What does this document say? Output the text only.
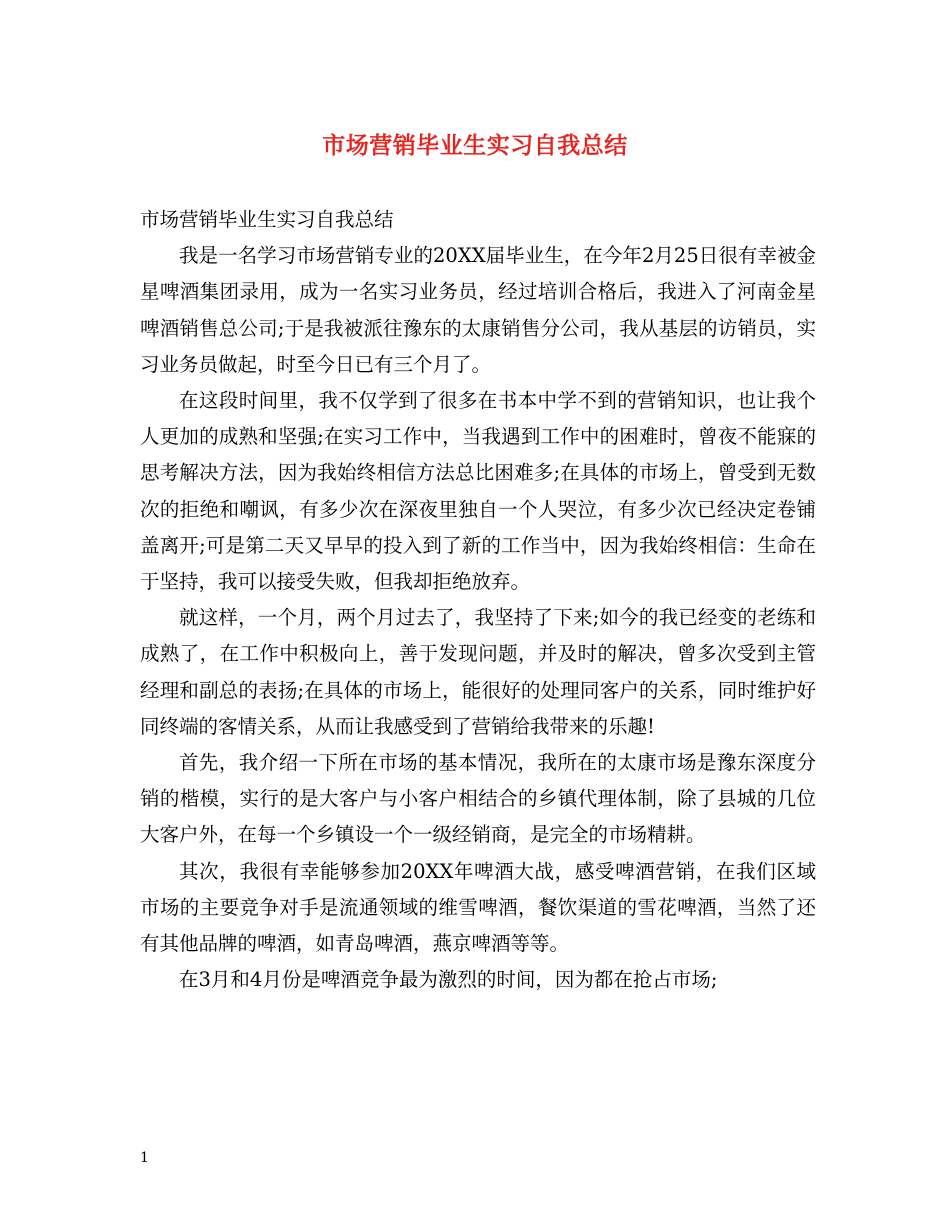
市场营销毕业生实习自我总结

市场营销毕业生实习自我总结

我是一名学习市场营销专业的20XX届毕业生，在今年2月25日很有幸被金星啤酒集团录用，成为一名实习业务员，经过培训合格后，我进入了河南金星啤酒销售总公司;于是我被派往豫东的太康销售分公司，我从基层的访销员，实习业务员做起，时至今日已有三个月了。

在这段时间里，我不仅学到了很多在书本中学不到的营销知识，也让我个人更加的成熟和坚强;在实习工作中，当我遇到工作中的困难时，曾夜不能寐的思考解决方法，因为我始终相信方法总比困难多;在具体的市场上，曾受到无数次的拒绝和嘲讽，有多少次在深夜里独自一个人哭泣，有多少次已经决定卷铺盖离开;可是第二天又早早的投入到了新的工作当中，因为我始终相信：生命在于坚持，我可以接受失败，但我却拒绝放弃。

就这样，一个月，两个月过去了，我坚持了下来;如今的我已经变的老练和成熟了，在工作中积极向上，善于发现问题，并及时的解决，曾多次受到主管经理和副总的表扬;在具体的市场上，能很好的处理同客户的关系，同时维护好同终端的客情关系，从而让我感受到了营销给我带来的乐趣!

首先，我介绍一下所在市场的基本情况，我所在的太康市场是豫东深度分销的楷模，实行的是大客户与小客户相结合的乡镇代理体制，除了县城的几位大客户外，在每一个乡镇设一个一级经销商，是完全的市场精耕。

其次，我很有幸能够参加20XX年啤酒大战，感受啤酒营销，在我们区域市场的主要竞争对手是流通领域的维雪啤酒，餐饮渠道的雪花啤酒，当然了还有其他品牌的啤酒，如青岛啤酒，燕京啤酒等等。

在3月和4月份是啤酒竞争最为激烈的时间，因为都在抢占市场;

1
